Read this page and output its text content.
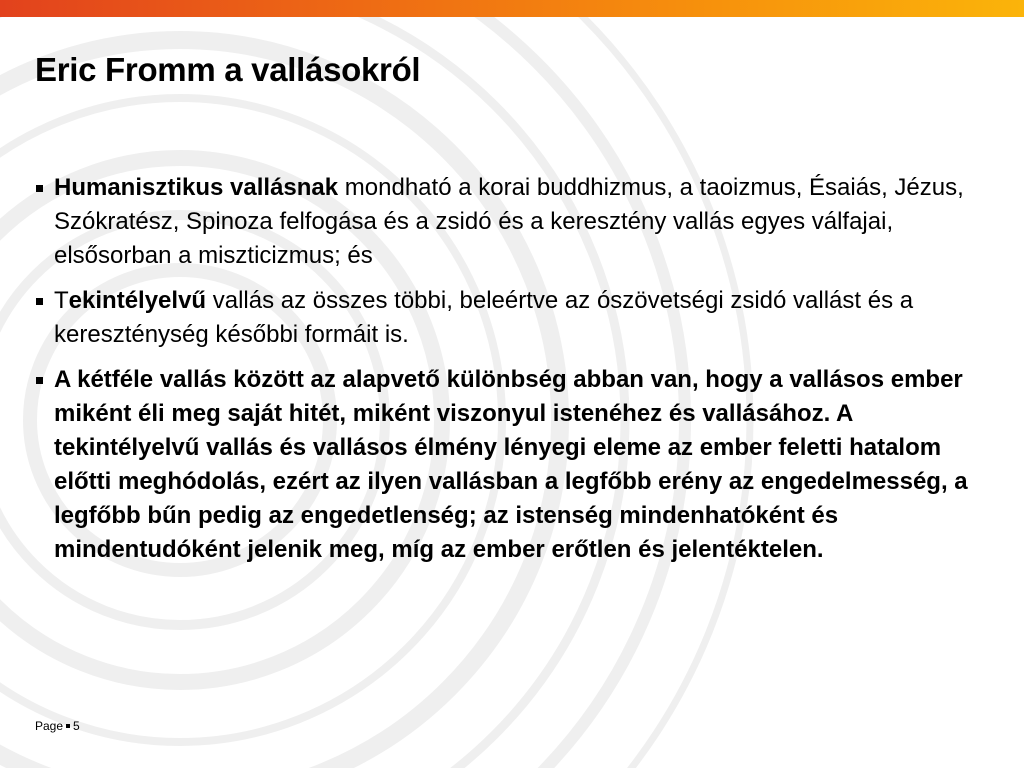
Eric Fromm a vallásokról
Humanisztikus vallásnak mondható a korai buddhizmus, a taoizmus, Ésaiás, Jézus, Szókratész, Spinoza felfogása és a zsidó és a keresztény vallás egyes válfajai, elsősorban a miszticizmus; és
Tekintélyelvű vallás az összes többi, beleértve az ószövetségi zsidó vallást és a kereszténység későbbi formáit is.
A kétféle vallás között az alapvető különbség abban van, hogy a vallásos ember miként éli meg saját hitét, miként viszonyul istenéhez és vallásához. A tekintélyelvű vallás és vallásos élmény lényegi eleme az ember feletti hatalom előtti meghódolás, ezért az ilyen vallásban a legfőbb erény az engedelmesség, a legfőbb bűn pedig az engedetlenség; az istenség mindenhatóként és mindentudóként jelenik meg, míg az ember erőtlen és jelentéktelen.
Page 5
